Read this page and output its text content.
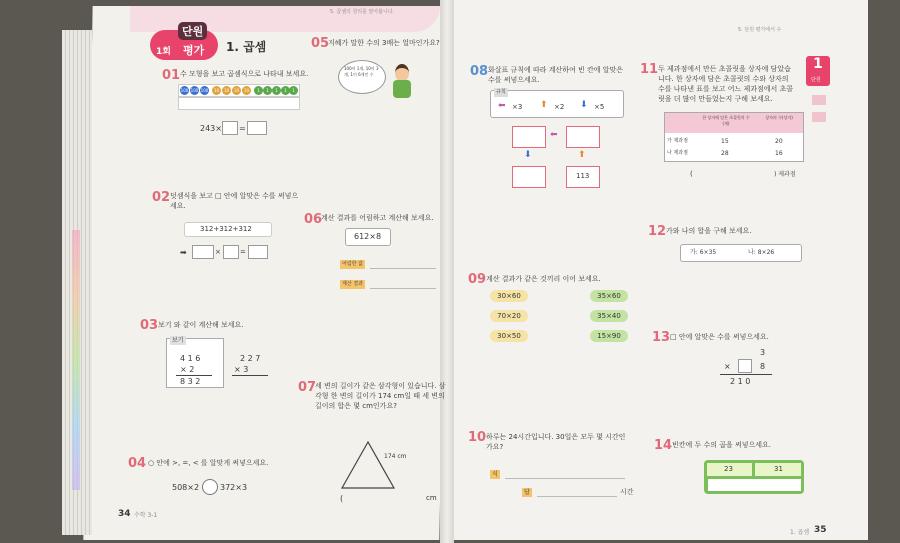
1회
단원
평가 1. 곱셈
5. 곱셈의 원리를 알아봅니다.
01 수 모형을 보고 곱셈식으로 나타내 보세요.
100 100 100	10	10	10	10	1	1	1	1	1
243× =
02 덧셈식을 보고 □ 안에 알맞은 수를 써넣으
세요.
312+312+312
➡	×	=
03 보기 와 같이 계산해 보세요.
보기
4 1 6
× 2
8 3 2
2 2 7
× 3
04 ○ 안에 >, =, < 를 알맞게 써넣으세요.
508×2	372×3
05
지혜가 말한 수의 3배는 얼마인가요?
100이 1개, 10이 3개, 1이 6개인 수
06
계산 결과를 어림하고 계산해 보세요.
612×8
어림한 값
계산 결과
07
세 변의 길이가 같은 삼각형이 있습니다. 삼
각형 한 변의 길이가 174 cm일 때 세 변의
길이의 합은 몇 cm인가요?
174 cm
(	cm
34 수학 3-1
5. 단원 평가에서 수
1
단원
08 화살표 규칙에 따라 계산하여 빈 칸에 알맞은
수를 써넣으세요.
규칙
⬅ ×3 ⬆ ×2 ⬇ ×5
⬅
⬇	⬆
113
09 계산 결과가 같은 것끼리 이어 보세요.
30×60
70×20
30×50
35×60
35×40
15×90
10 하루는 24시간입니다. 30일은 모두 몇 시간인
가요?
식
답	시간
11 두 제과점에서 만든 초콜릿을 상자에 담았습
니다. 한 상자에 담은 초콜릿의 수와 상자의
수를 나타낸 표를 보고 어느 제과점에서 초콜
릿을 더 많이 만들었는지 구해 보세요.
한 상자에 담은 초콜릿의 수(개)
상자의 수(상자)
가 제과점	15	20
나 제과점	28	16
(	) 제과점
12 가와 나의 합을 구해 보세요.
가: 6×35	나: 8×26
13 □ 안에 알맞은 수를 써넣으세요.
3
×	8
2 1 0
14 빈칸에 두 수의 곱을 써넣으세요.
23	31
1. 곱셈 35
